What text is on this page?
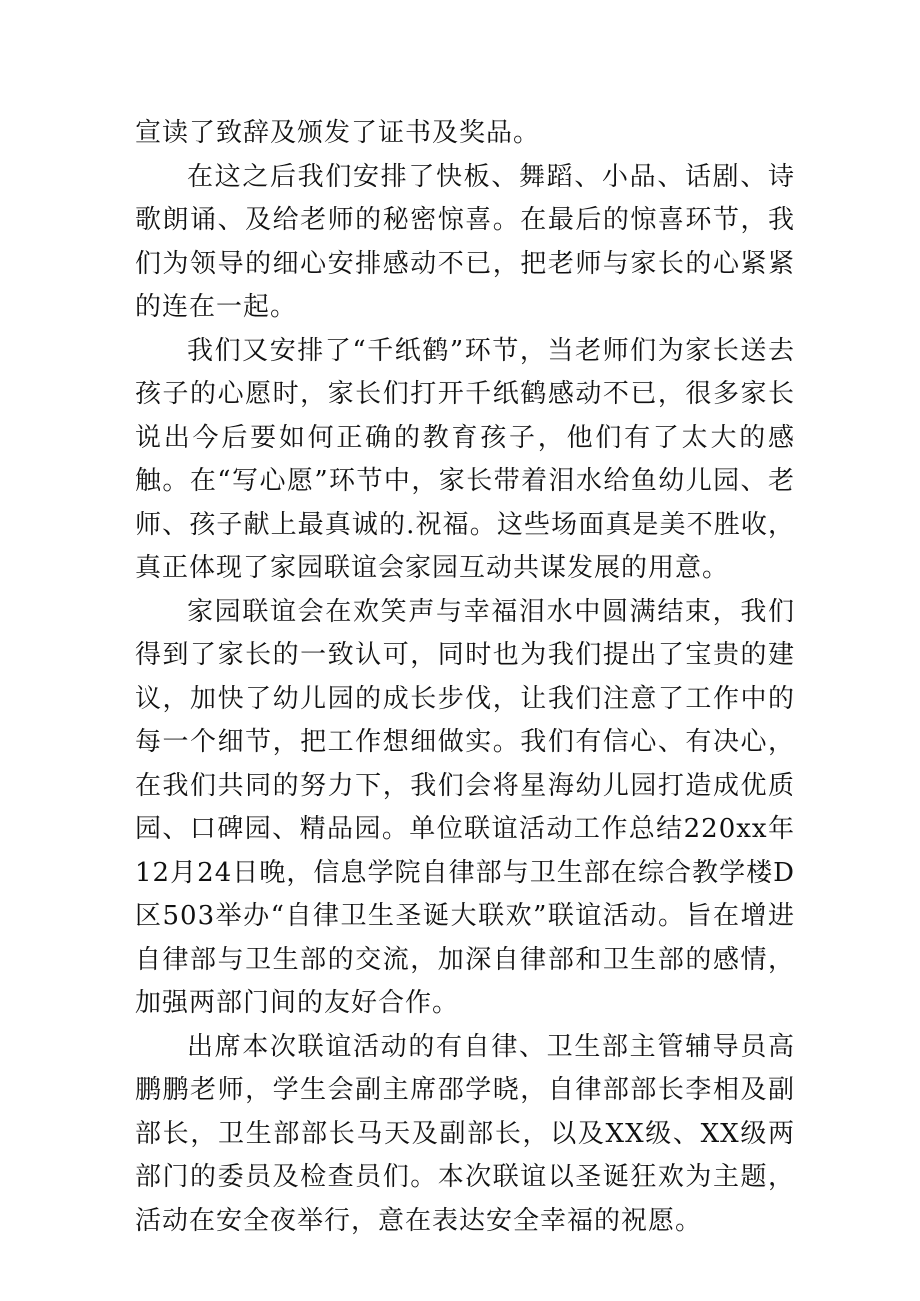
宣读了致辞及颁发了证书及奖品。

在这之后我们安排了快板、舞蹈、小品、话剧、诗歌朗诵、及给老师的秘密惊喜。在最后的惊喜环节，我们为领导的细心安排感动不已，把老师与家长的心紧紧的连在一起。

我们又安排了“千纸鹤”环节，当老师们为家长送去孩子的心愿时，家长们打开千纸鹤感动不已，很多家长说出今后要如何正确的教育孩子，他们有了太大的感触。在“写心愿”环节中，家长带着泪水给鱼幼儿园、老师、孩子献上最真诚的.祝福。这些场面真是美不胜收，真正体现了家园联谊会家园互动共谋发展的用意。

家园联谊会在欢笑声与幸福泪水中圆满结束，我们得到了家长的一致认可，同时也为我们提出了宝贵的建议，加快了幼儿园的成长步伐，让我们注意了工作中的每一个细节，把工作想细做实。我们有信心、有决心，在我们共同的努力下，我们会将星海幼儿园打造成优质园、口碑园、精品园。单位联谊活动工作总结220xx年12月24日晚，信息学院自律部与卫生部在综合教学楼D区503举办“自律卫生圣诞大联欢”联谊活动。旨在增进自律部与卫生部的交流，加深自律部和卫生部的感情，加强两部门间的友好合作。

出席本次联谊活动的有自律、卫生部主管辅导员高鹏鹏老师，学生会副主席邵学晓，自律部部长李相及副部长，卫生部部长马天及副部长，以及XX级、XX级两部门的委员及检查员们。本次联谊以圣诞狂欢为主题，活动在安全夜举行，意在表达安全幸福的祝愿。
